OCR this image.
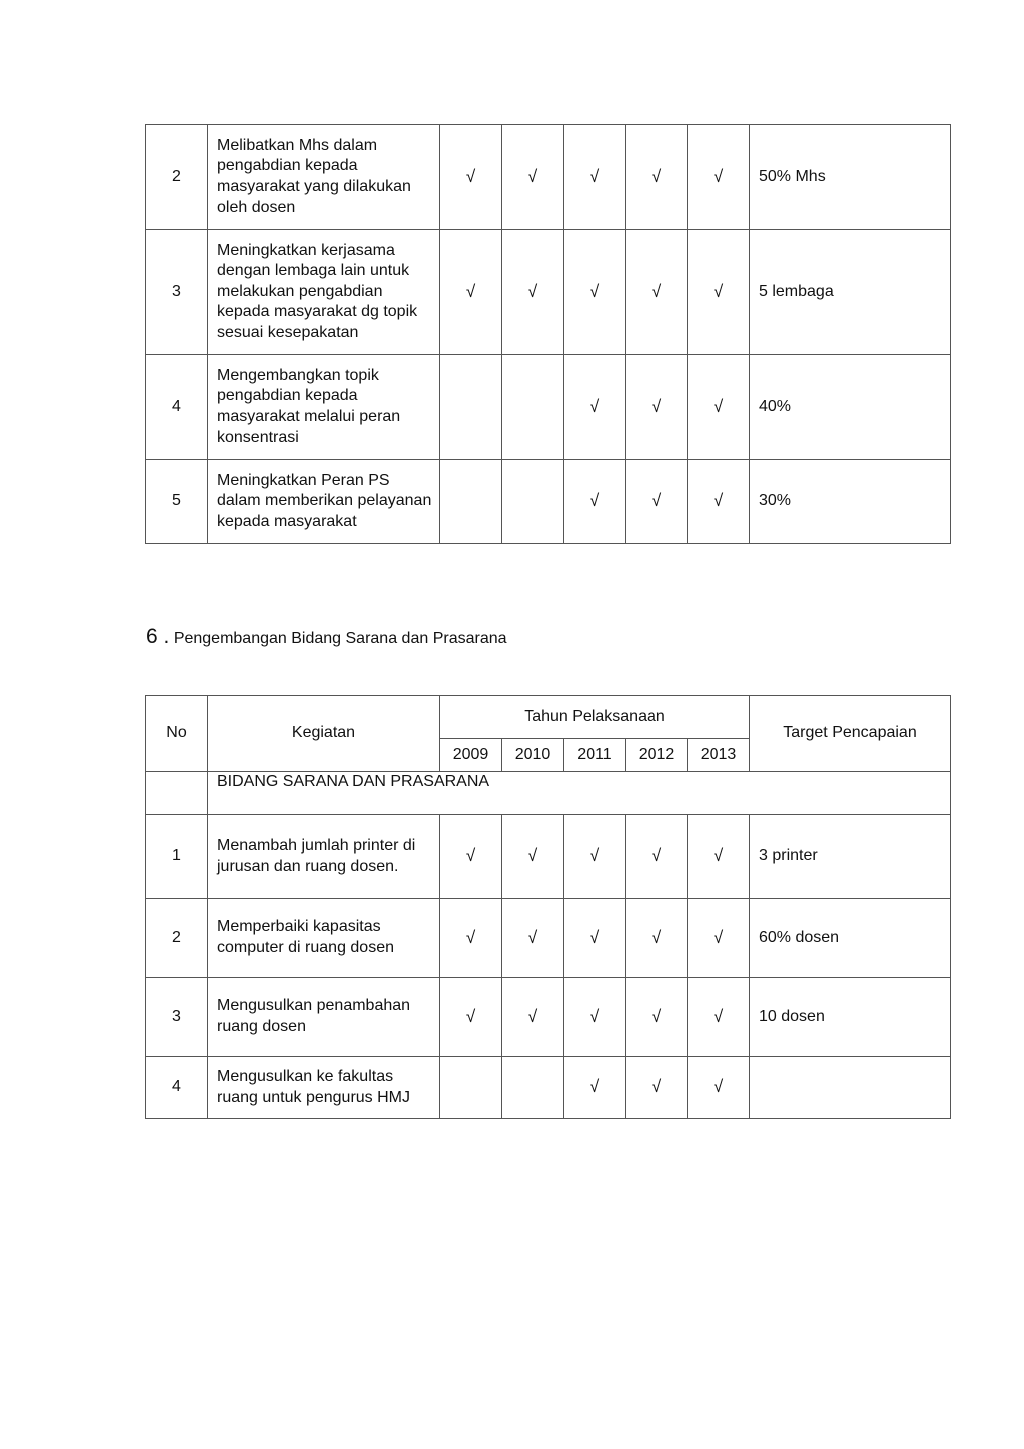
2	Melibatkan Mhs dalam pengabdian kepada masyarakat yang dilakukan oleh dosen	√	√	√	√	√	50% Mhs
3	Meningkatkan kerjasama dengan lembaga lain untuk melakukan pengabdian kepada masyarakat dg topik sesuai kesepakatan	√	√	√	√	√	5 lembaga
4	Mengembangkan topik pengabdian kepada masyarakat melalui peran konsentrasi			√	√	√	40%
5	Meningkatkan Peran PS dalam memberikan pelayanan kepada masyarakat			√	√	√	30%
6 . Pengembangan Bidang Sarana dan Prasarana
No	Kegiatan	Tahun Pelaksanaan					Target Pencapaian
		2009	2010	2011	2012	2013	
	BIDANG SARANA DAN PRASARANA						
1	Menambah jumlah printer di jurusan dan ruang dosen.	√	√	√	√	√	3 printer
2	Memperbaiki kapasitas computer di ruang dosen	√	√	√	√	√	60% dosen
3	Mengusulkan penambahan ruang dosen	√	√	√	√	√	10 dosen
4	Mengusulkan ke fakultas ruang untuk pengurus HMJ			√	√	√	
